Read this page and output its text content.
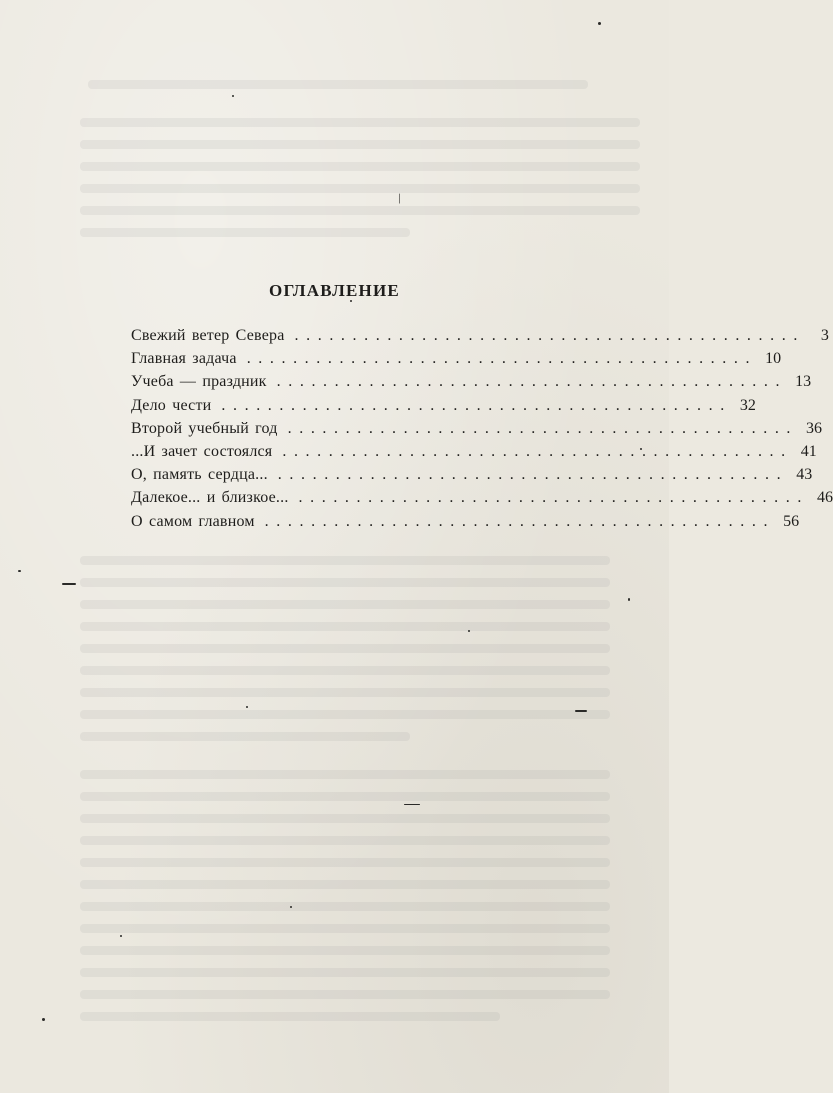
/
ОГЛАВЛЕНИЕ
Свежий ветер Севера ............................................	3
Главная задача ............................................ 10
Учеба — праздник ............................................ 13
Дело чести ............................................ 32
Второй учебный год ............................................ 36
...И зачет состоялся ............................................ 41
О, память сердца... ............................................ 43
Далекое... и близкое... ............................................ 46
О самом главном ............................................ 56
